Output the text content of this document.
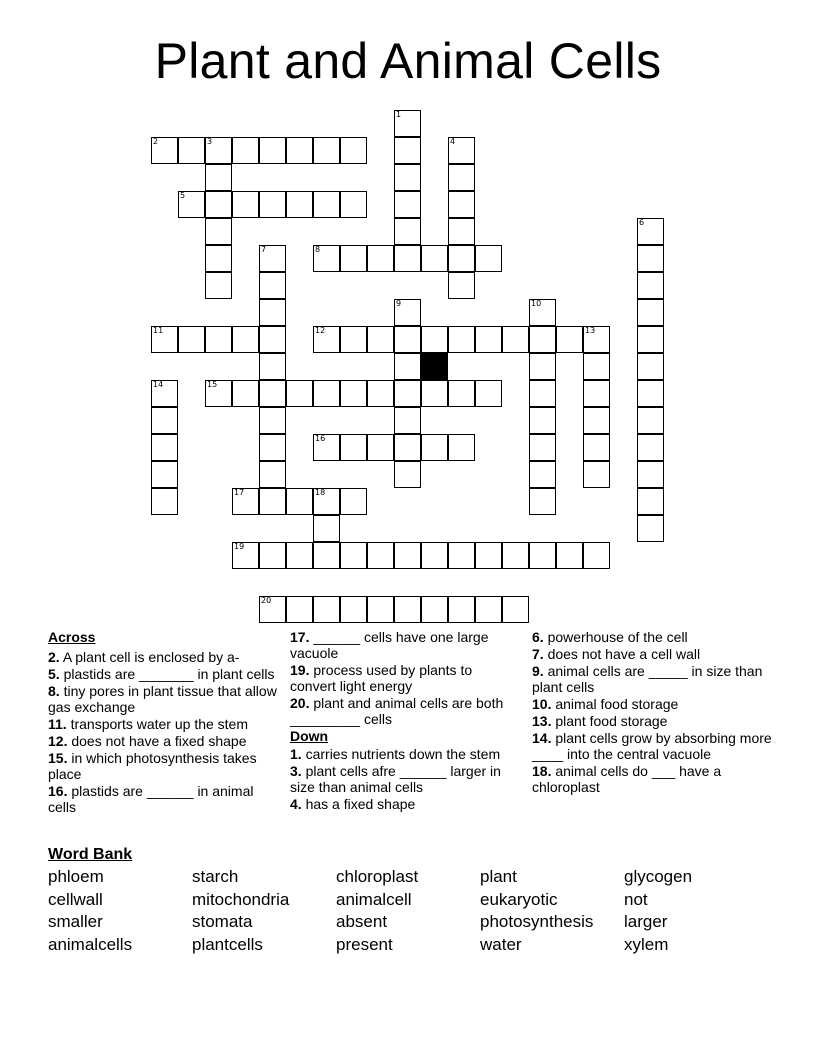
Plant and Animal Cells
1
2	3	4
5
6
7	8
9	10
11	12	13
14	15
16
17	18
19
20
Across
2. A plant cell is enclosed by a-
5. plastids are _______ in plant cells
8. tiny pores in plant tissue that allow gas exchange
11. transports water up the stem
12. does not have a fixed shape
15. in which photosynthesis takes place
16. plastids are ______ in animal cells
17. ______ cells have one large vacuole
19. process used by plants to convert light energy
20. plant and animal cells are both _________ cells
Down
1. carries nutrients down the stem
3. plant cells afre ______ larger in size than animal cells
4. has a fixed shape
6. powerhouse of the cell
7. does not have a cell wall
9. animal cells are _____ in size than plant cells
10. animal food storage
13. plant food storage
14. plant cells grow by absorbing more ____ into the central vacuole
18. animal cells do ___ have a chloroplast
Word Bank
phloem	starch	chloroplast	plant	glycogen
cellwall	mitochondria	animalcell	eukaryotic	not
smaller	stomata	absent	photosynthesis	larger
animalcells	plantcells	present	water	xylem
